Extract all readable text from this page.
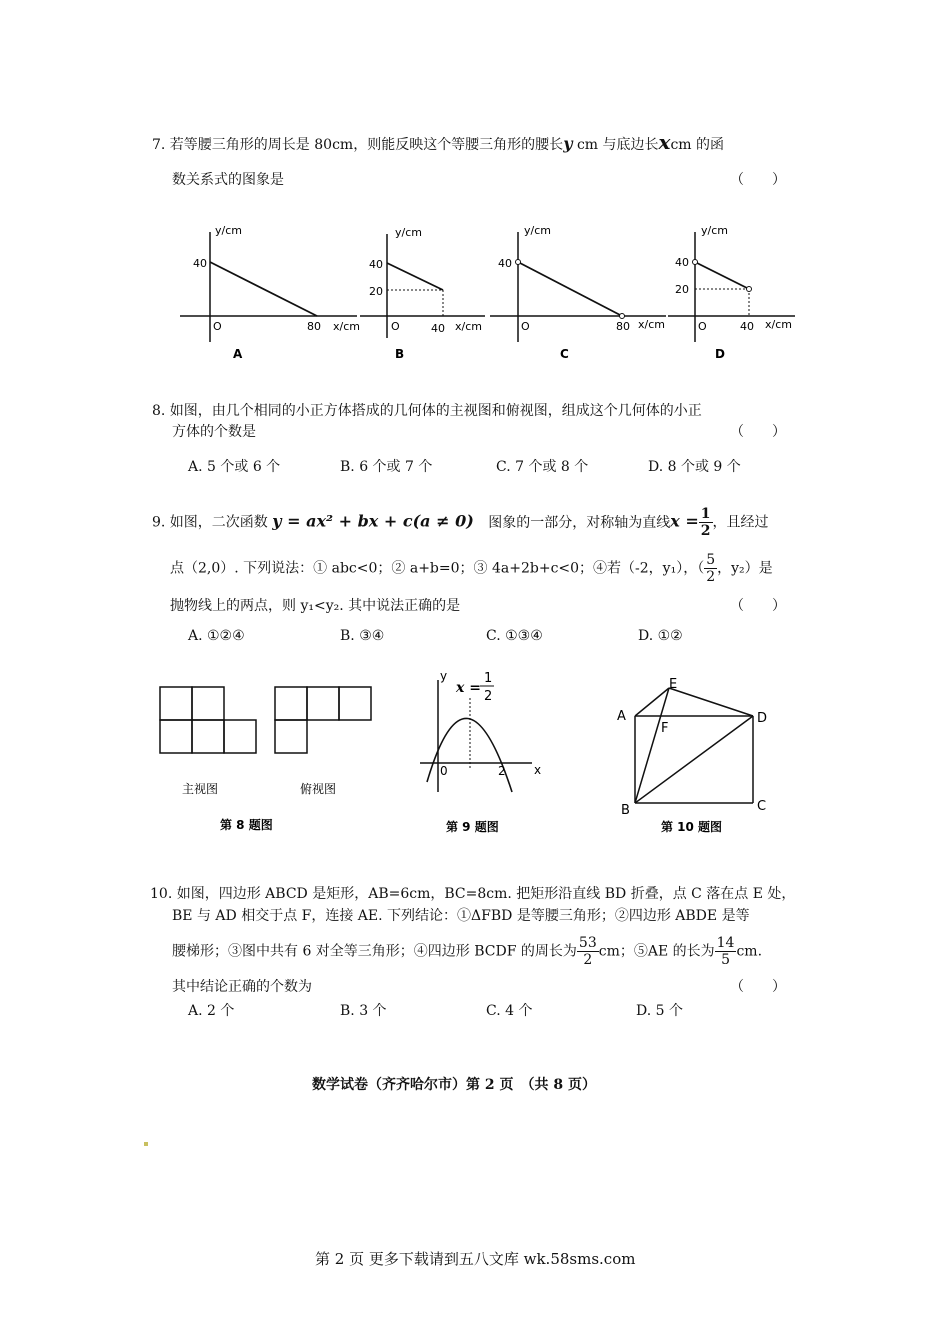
7. 若等腰三角形的周长是 80cm，则能反映这个等腰三角形的腰长y cm 与底边长xcm 的函
数关系式的图象是	（　　）
y/cm
40
O	80 x/cm
A
y/cm
40
20
O	40 x/cm
B
y/cm
40
O	80 x/cm
C
y/cm
40
20
O	40 x/cm
D
8. 如图，由几个相同的小正方体搭成的几何体的主视图和俯视图，组成这个几何体的小正
方体的个数是	（　　）
A. 5 个或 6 个	B. 6 个或 7 个	C. 7 个或 8 个	D. 8 个或 9 个
9. 如图，二次函数 y = ax² + bx + c(a ≠ 0) 图象的一部分，对称轴为直线$x = \frac{1}{2}$ ，且经过
点（2,0）. 下列说法：① abc<0；② a+b=0；③ 4a+2b+c<0；④若（-2，y₁），（ $\frac{5}{2}$ ，y₂）是
抛物线上的两点，则 y₁<y₂. 其中说法正确的是	（　　）
A. ①②④	B. ③④	C. ①③④	D. ①②
主视图	俯视图
第 8 题图
y
x
0	2
x =
1
2
第 9 题图
A
B	C
D
E
F
第 10 题图
10. 如图，四边形 ABCD 是矩形，AB=6cm，BC=8cm. 把矩形沿直线 BD 折叠，点 C 落在点 E 处，
BE 与 AD 相交于点 F，连接 AE. 下列结论：①ΔFBD 是等腰三角形；②四边形 ABDE 是等
腰梯形；③图中共有 6 对全等三角形；④四边形 BCDF 的周长为 $\frac{53}{2}$ cm；⑤AE 的长为 $\frac{14}{5}$ cm.
其中结论正确的个数为	（　　）
A. 2 个	B. 3 个	C. 4 个	D. 5 个
数学试卷（齐齐哈尔市）第 2 页　（共 8 页）
第 2 页 更多下载请到五八文库 wk.58sms.com
